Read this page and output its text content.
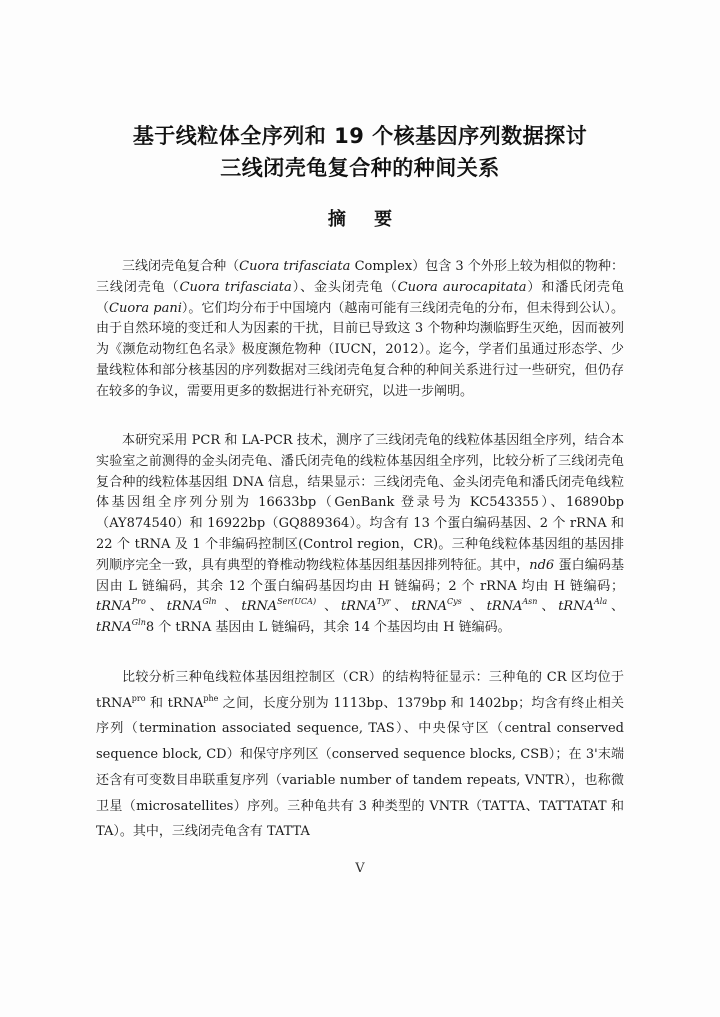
基于线粒体全序列和 19 个核基因序列数据探讨
三线闭壳龟复合种的种间关系
摘 要

三线闭壳龟复合种（Cuora trifasciata Complex）包含 3 个外形上较为相似的物种：三线闭壳龟（Cuora trifasciata）、金头闭壳龟（Cuora aurocapitata）和潘氏闭壳龟（Cuora pani）。它们均分布于中国境内（越南可能有三线闭壳龟的分布，但未得到公认）。由于自然环境的变迁和人为因素的干扰，目前已导致这 3 个物种均濒临野生灭绝，因而被列为《濒危动物红色名录》极度濒危物种（IUCN，2012）。迄今，学者们虽通过形态学、少量线粒体和部分核基因的序列数据对三线闭壳龟复合种的种间关系进行过一些研究，但仍存在较多的争议，需要用更多的数据进行补充研究，以进一步阐明。

本研究采用 PCR 和 LA-PCR 技术，测序了三线闭壳龟的线粒体基因组全序列，结合本实验室之前测得的金头闭壳龟、潘氏闭壳龟的线粒体基因组全序列，比较分析了三线闭壳龟复合种的线粒体基因组 DNA 信息，结果显示：三线闭壳龟、金头闭壳龟和潘氏闭壳龟线粒体基因组全序列分别为 16633bp（GenBank 登录号为 KC543355）、16890bp（AY874540）和 16922bp（GQ889364）。均含有 13 个蛋白编码基因、2 个 rRNA 和 22 个 tRNA 及 1 个非编码控制区(Control region，CR)。三种龟线粒体基因组的基因排列顺序完全一致，具有典型的脊椎动物线粒体基因组基因排列特征。其中，nd6 蛋白编码基因由 L 链编码，其余 12 个蛋白编码基因均由 H 链编码；2 个 rRNA 均由 H 链编码；tRNA$^{Pro}$、tRNA$^{Gln}$ 、tRNA$^{Ser(UCA)}$ 、tRNA$^{Tyr}$、tRNA$^{Cys}$ 、tRNA$^{Asn}$、tRNA$^{Ala}$、tRNA$^{Gln}$8 个 tRNA 基因由 L 链编码，其余 14 个基因均由 H 链编码。

比较分析三种龟线粒体基因组控制区（CR）的结构特征显示：三种龟的 CR 区均位于 tRNA$^{pro}$ 和 tRNA$^{phe}$ 之间，长度分别为 1113bp、1379bp 和 1402bp；均含有终止相关序列（termination associated sequence, TAS）、中央保守区（central conserved sequence block, CD）和保守序列区（conserved sequence blocks, CSB）；在 3'末端还含有可变数目串联重复序列（variable number of tandem repeats, VNTR），也称微卫星（microsatellites）序列。三种龟共有 3 种类型的 VNTR（TATTA、TATTATAT 和 TA）。其中，三线闭壳龟含有 TATTA

V
